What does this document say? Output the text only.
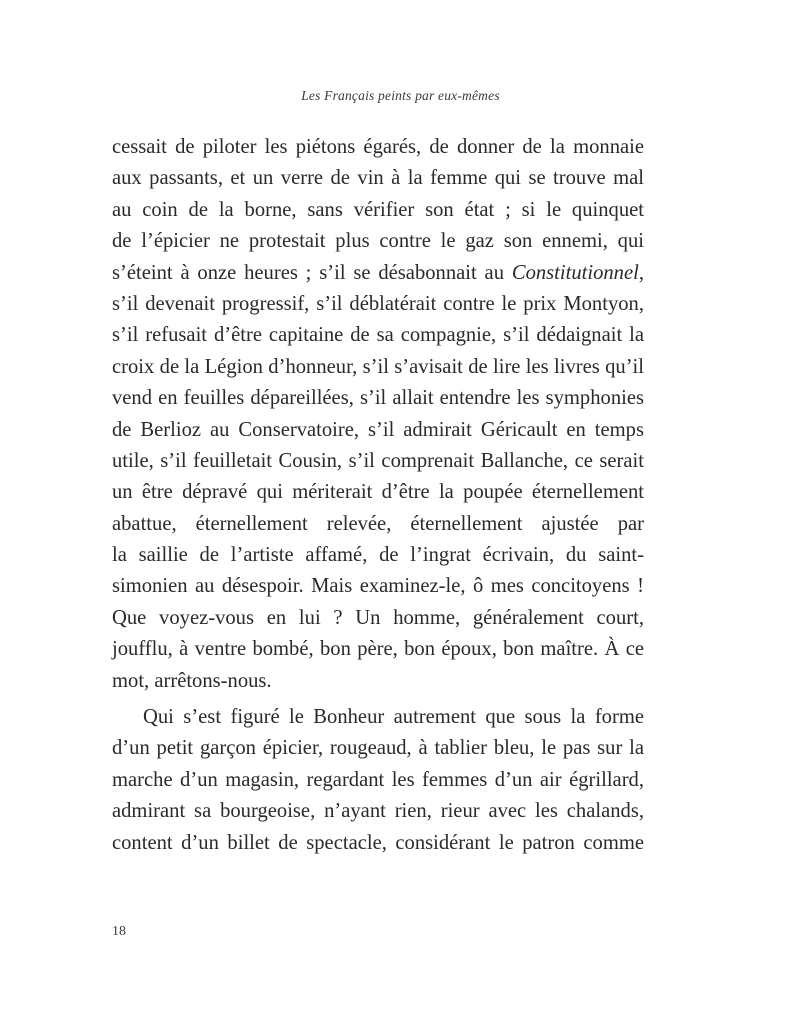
Les Français peints par eux-mêmes
cessait de piloter les piétons égarés, de donner de la monnaie
aux passants, et un verre de vin à la femme qui se trouve mal
au coin de la borne, sans vérifier son état ; si le quinquet
de l’épicier ne protestait plus contre le gaz son ennemi, qui
s’éteint à onze heures ; s’il se désabonnait au Constitutionnel,
s’il devenait progressif, s’il déblatérait contre le prix Montyon,
s’il refusait d’être capitaine de sa compagnie, s’il dédaignait la
croix de la Légion d’honneur, s’il s’avisait de lire les livres qu’il
vend en feuilles dépareillées, s’il allait entendre les symphonies
de Berlioz au Conservatoire, s’il admirait Géricault en temps
utile, s’il feuilletait Cousin, s’il comprenait Ballanche, ce serait
un être dépravé qui mériterait d’être la poupée éternellement
abattue, éternellement relevée, éternellement ajustée par
la saillie de l’artiste affamé, de l’ingrat écrivain, du saint-
simonien au désespoir. Mais examinez-le, ô mes concitoyens !
Que voyez-vous en lui ? Un homme, généralement court,
joufflu, à ventre bombé, bon père, bon époux, bon maître. À ce
mot, arrêtons-nous.
Qui s’est figuré le Bonheur autrement que sous la forme
d’un petit garçon épicier, rougeaud, à tablier bleu, le pas sur la
marche d’un magasin, regardant les femmes d’un air égrillard,
admirant sa bourgeoise, n’ayant rien, rieur avec les chalands,
content d’un billet de spectacle, considérant le patron comme
18
